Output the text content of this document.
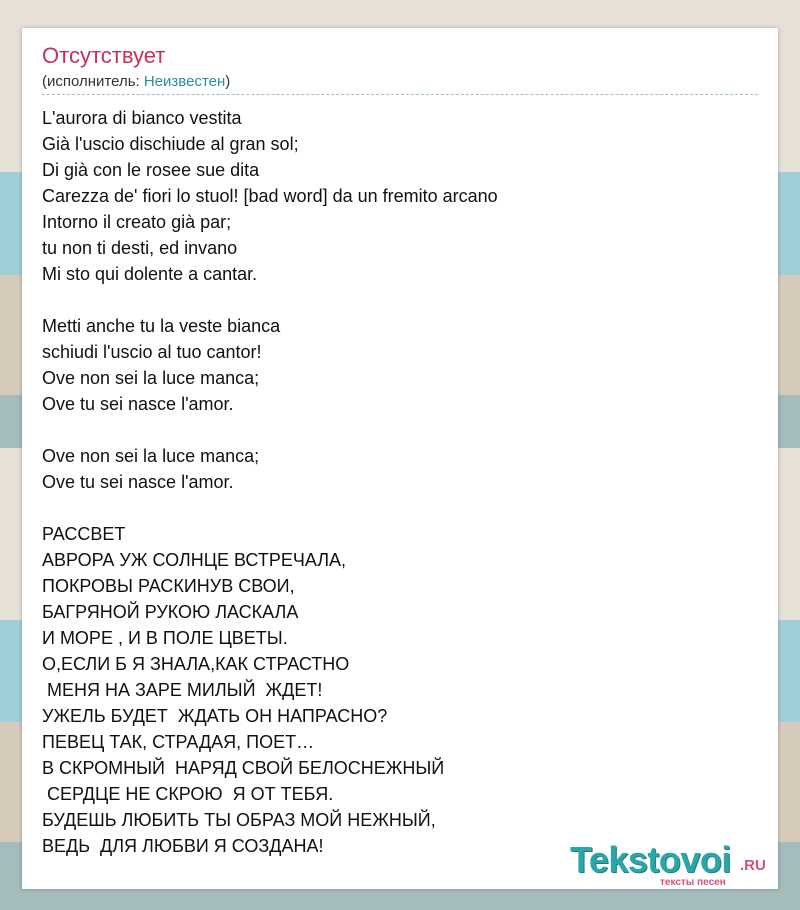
Отсутствует
(исполнитель: Неизвестен)
L'aurora di bianco vestita
Già l'uscio dischiude al gran sol;
Di già con le rosee sue dita
Carezza de' fiori lo stuol! [bad word] da un fremito arcano
Intorno il creato già par;
tu non ti desti, ed invano
Mi sto qui dolente a cantar.
Metti anche tu la veste bianca
schiudi l'uscio al tuo cantor!
Ove non sei la luce manca;
Ove tu sei nasce l'amor.
Ove non sei la luce manca;
Ove tu sei nasce l'amor.
РАССВЕТ
АВРОРА УЖ СОЛНЦЕ ВСТРЕЧАЛА,
ПОКРОВЫ РАСКИНУВ СВОИ,
БАГРЯНОЙ РУКОЮ ЛАСКАЛА
И МОРЕ , И В ПОЛЕ ЦВЕТЫ.
О,ЕСЛИ Б Я ЗНАЛА,КАК СТРАСТНО
МЕНЯ НА ЗАРЕ МИЛЫЙ  ЖДЕТ!
УЖЕЛЬ БУДЕТ  ЖДАТЬ ОН НАПРАСНО?
ПЕВЕЦ ТАК, СТРАДАЯ, ПОЕТ…
В СКРОМНЫЙ  НАРЯД СВОЙ БЕЛОСНЕЖНЫЙ
СЕРДЦЕ НЕ СКРОЮ  Я ОТ ТЕБЯ.
БУДЕШЬ ЛЮБИТЬ ТЫ ОБРАЗ МОЙ НЕЖНЫЙ,
ВЕДЬ  ДЛЯ ЛЮБВИ Я СОЗДАНА!	Tekstovoi .RU
тексты песен
